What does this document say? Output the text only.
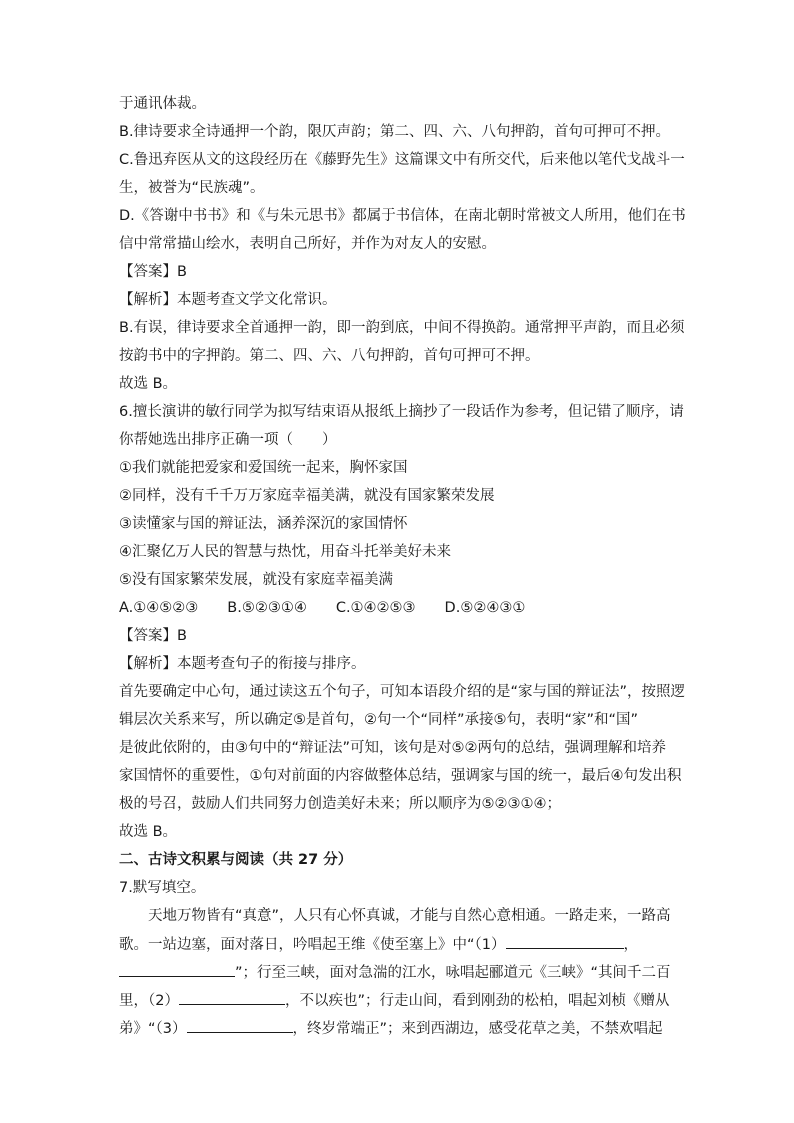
于通讯体裁。
B.律诗要求全诗通押一个韵，限仄声韵；第二、四、六、八句押韵，首句可押可不押。
C.鲁迅弃医从文的这段经历在《藤野先生》这篇课文中有所交代，后来他以笔代戈战斗一
生，被誉为“民族魂”。
D.《答谢中书书》和《与朱元思书》都属于书信体，在南北朝时常被文人所用，他们在书
信中常常描山绘水，表明自己所好，并作为对友人的安慰。
【答案】B
【解析】本题考查文学文化常识。
B.有误，律诗要求全首通押一韵，即一韵到底，中间不得换韵。通常押平声韵，而且必须
按韵书中的字押韵。第二、四、六、八句押韵，首句可押可不押。
故选 B。
6.擅长演讲的敏行同学为拟写结束语从报纸上摘抄了一段话作为参考，但记错了顺序，请
你帮她选出排序正确一项（　　）
①我们就能把爱家和爱国统一起来，胸怀家国
②同样，没有千千万万家庭幸福美满，就没有国家繁荣发展
③读懂家与国的辩证法，涵养深沉的家国情怀
④汇聚亿万人民的智慧与热忱，用奋斗托举美好未来
⑤没有国家繁荣发展，就没有家庭幸福美满
A.①④⑤②③　　B.⑤②③①④　　C.①④②⑤③　　D.⑤②④③①
【答案】B
【解析】本题考查句子的衔接与排序。
首先要确定中心句，通过读这五个句子，可知本语段介绍的是“家与国的辩证法”，按照逻
辑层次关系来写，所以确定⑤是首句，②句一个“同样”承接⑤句，表明“家”和“国”
是彼此依附的，由③句中的“辩证法”可知，该句是对⑤②两句的总结，强调理解和培养
家国情怀的重要性，①句对前面的内容做整体总结，强调家与国的统一，最后④句发出积
极的号召，鼓励人们共同努力创造美好未来；所以顺序为⑤②③①④；
故选 B。
二、古诗文积累与阅读（共 27 分）
7.默写填空。
天地万物皆有“真意”，人只有心怀真诚，才能与自然心意相通。一路走来，一路高
歌。一站边塞，面对落日，吟唱起王维《使至塞上》中“（1）	，
”；行至三峡，面对急湍的江水，咏唱起郦道元《三峡》“其间千二百
里，（2）	，不以疾也”；行走山间，看到刚劲的松柏，唱起刘桢《赠从
弟》“（3）	，终岁常端正”；来到西湖边，感受花草之美，不禁欢唱起
